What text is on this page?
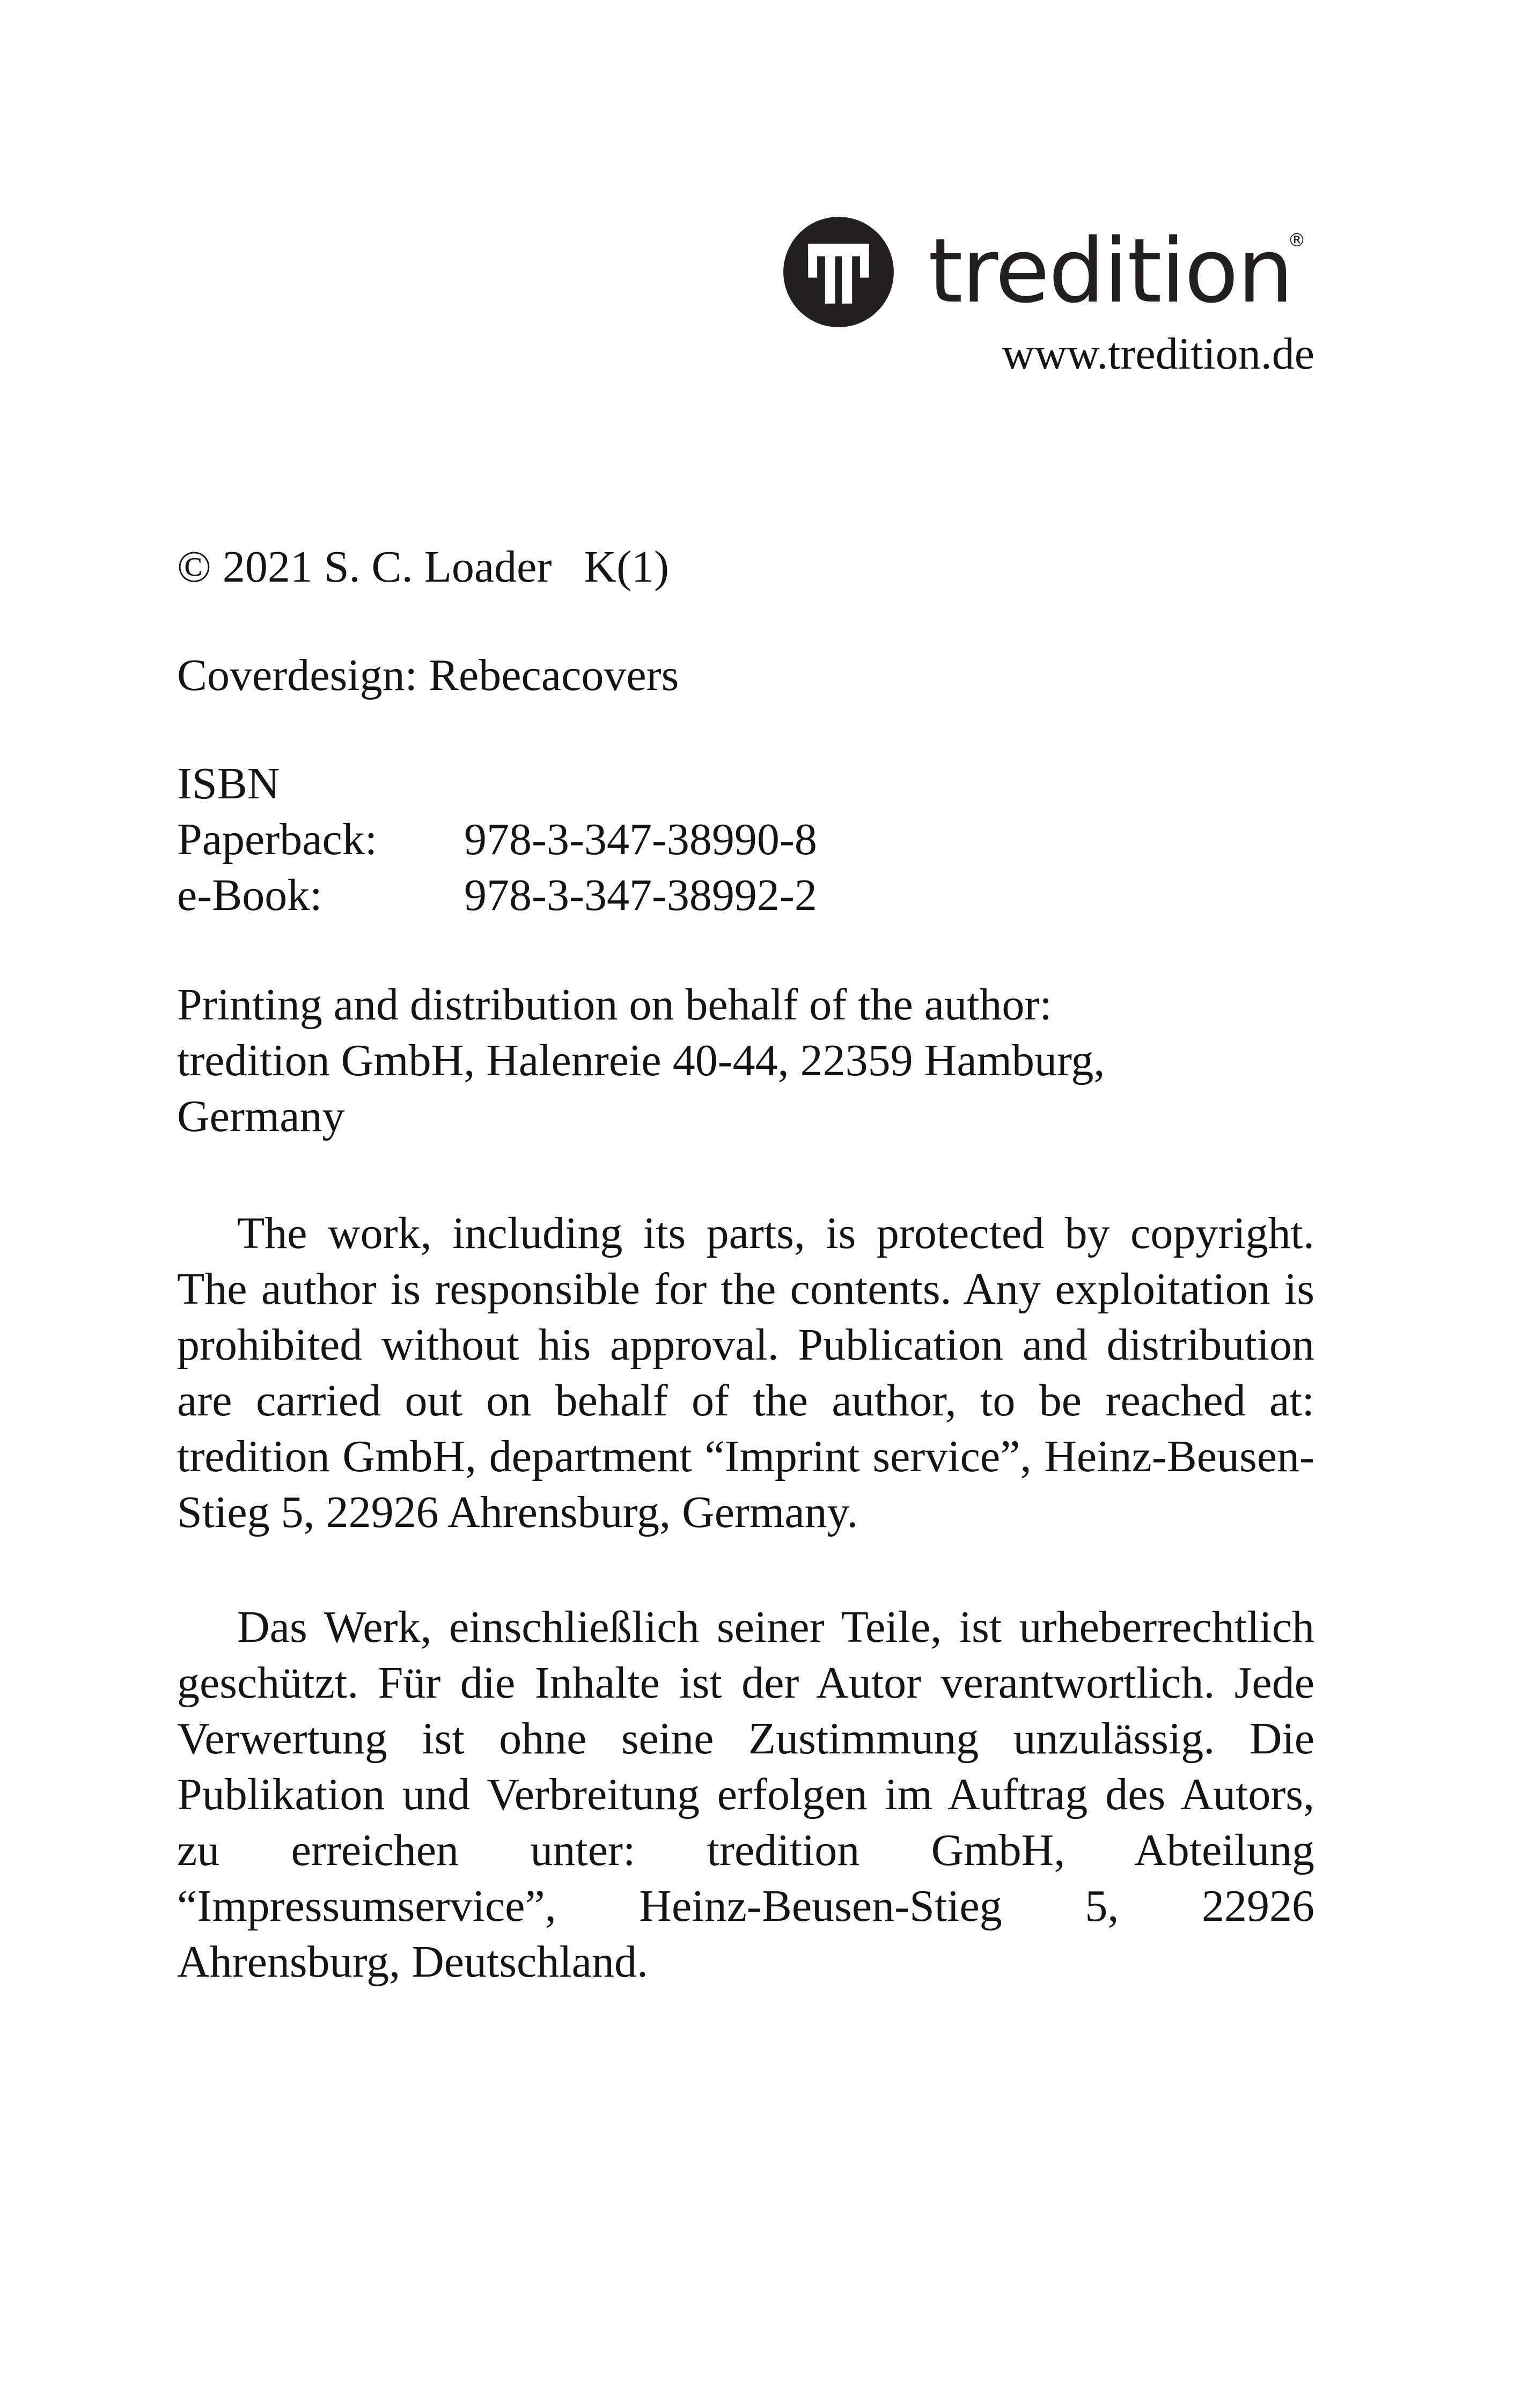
tredition
®
www.tredition.de

© 2021 S. C. Loader K(1)

Coverdesign: Rebecacovers

ISBN

Paperback:	978-3-347-38990-8
e-Book:	978-3-347-38992-2

Printing and distribution on behalf of the author:

tredition GmbH, Halenreie 40-44, 22359 Hamburg,

Germany

The work, including its parts, is protected by copyright. The author is responsible for the contents. Any exploitation is prohibited without his approval. Publication and distribution are carried out on behalf of the author, to be reached at: tredition GmbH, department “Imprint service”, Heinz-Beusen-Stieg 5, 22926 Ahrensburg, Germany.

Das Werk, einschließlich seiner Teile, ist urheberrechtlich geschützt. Für die Inhalte ist der Autor verantwortlich. Jede Verwertung ist ohne seine Zustimmung unzulässig. Die Publikation und Verbreitung erfolgen im Auftrag des Autors, zu erreichen unter: tredition GmbH, Abteilung “Impressumservice”, Heinz-Beusen-Stieg 5, 22926 Ahrensburg, Deutschland.
